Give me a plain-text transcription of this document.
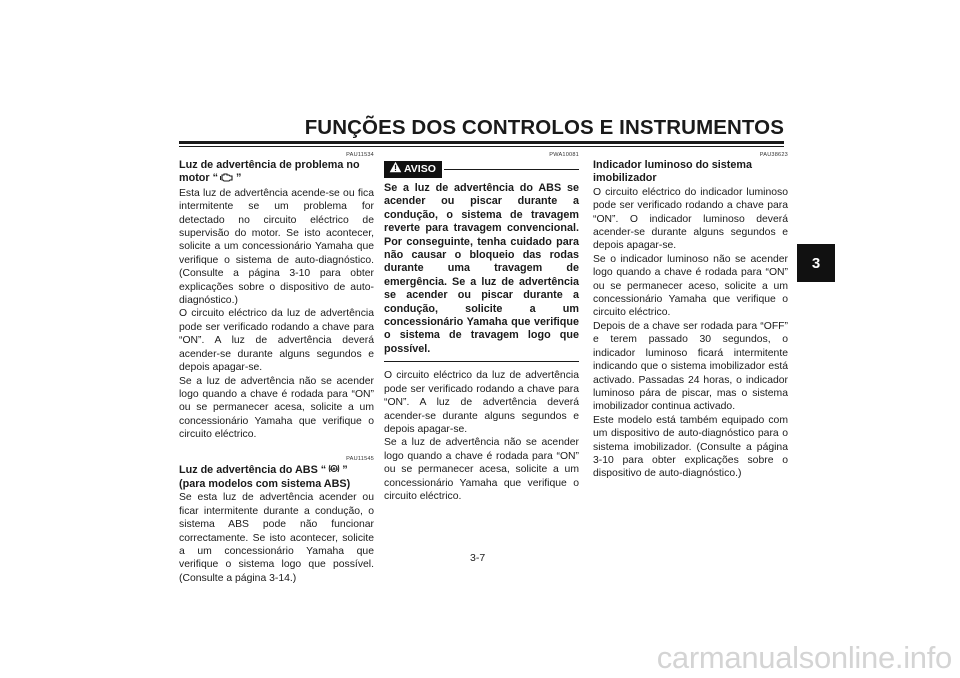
FUNÇÕES DOS CONTROLOS E INSTRUMENTOS
3
PAU11534

Luz de advertência de problema no
motor “ ”

Esta luz de advertência acende-se ou fica intermitente se um problema for detectado no circuito eléctrico de supervisão do motor. Se isto acontecer, solicite a um concessionário Yamaha que verifique o sistema de auto-diagnóstico. (Consulte a página 3-10 para obter explicações sobre o dispositivo de auto-diagnóstico.)

O circuito eléctrico da luz de advertência pode ser verificado rodando a chave para “ON”. A luz de advertência deverá acender-se durante alguns segundos e depois apagar-se.

Se a luz de advertência não se acender logo quando a chave é rodada para “ON” ou se permanecer acesa, solicite a um concessionário Yamaha que verifique o circuito eléctrico.

PAU11545

Luz de advertência do ABS “ ABS ” (para modelos com sistema ABS)

Se esta luz de advertência acender ou ficar intermitente durante a condução, o sistema ABS pode não funcionar correctamente. Se isto acontecer, solicite a um concessionário Yamaha que verifique o sistema logo que possível. (Consulte a página 3-14.)

PWA10081
AVISO

Se a luz de advertência do ABS se acender ou piscar durante a condução, o sistema de travagem reverte para travagem convencional. Por conseguinte, tenha cuidado para não causar o bloqueio das rodas durante uma travagem de emergência. Se a luz de advertência se acender ou piscar durante a condução, solicite a um concessionário Yamaha que verifique o sistema de travagem logo que possível.

O circuito eléctrico da luz de advertência pode ser verificado rodando a chave para “ON”. A luz de advertência deverá acender-se durante alguns segundos e depois apagar-se.

Se a luz de advertência não se acender logo quando a chave é rodada para “ON” ou se permanecer acesa, solicite a um concessionário Yamaha que verifique o circuito eléctrico.

PAU38623

Indicador luminoso do sistema imobilizador

O circuito eléctrico do indicador luminoso pode ser verificado rodando a chave para “ON”. O indicador luminoso deverá acender-se durante alguns segundos e depois apagar-se.

Se o indicador luminoso não se acender logo quando a chave é rodada para “ON” ou se permanecer aceso, solicite a um concessionário Yamaha que verifique o circuito eléctrico.

Depois de a chave ser rodada para “OFF” e terem passado 30 segundos, o indicador luminoso ficará intermitente indicando que o sistema imobilizador está activado. Passadas 24 horas, o indicador luminoso pára de piscar, mas o sistema imobilizador continua activado.

Este modelo está também equipado com um dispositivo de auto-diagnóstico para o sistema imobilizador. (Consulte a página 3-10 para obter explicações sobre o dispositivo de auto-diagnóstico.)

3-7
carmanualsonline.info
